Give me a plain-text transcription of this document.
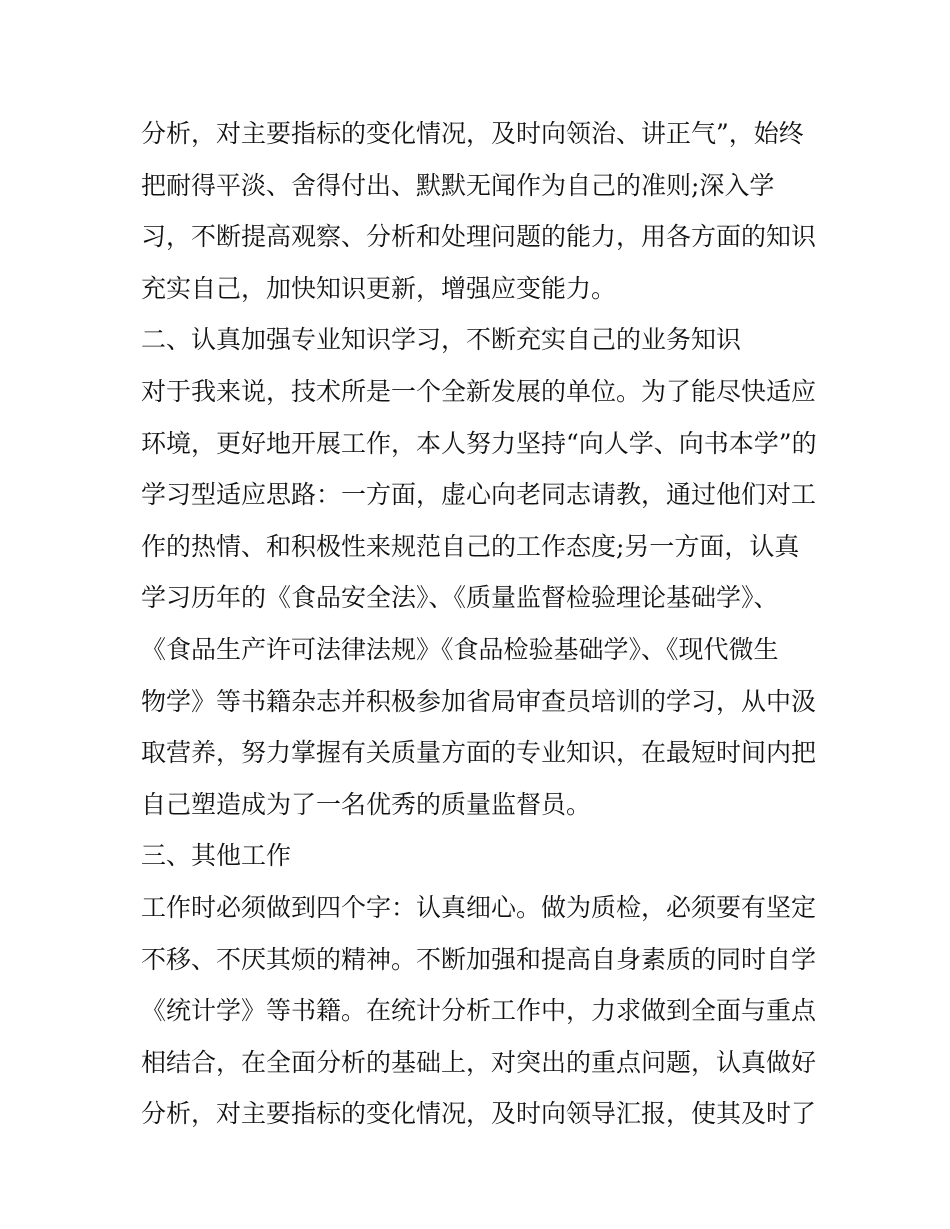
分析，对主要指标的变化情况，及时向领治、讲正气”，始终
把耐得平淡、舍得付出、默默无闻作为自己的准则;深入学
习，不断提高观察、分析和处理问题的能力，用各方面的知识
充实自己，加快知识更新，增强应变能力。
二、认真加强专业知识学习，不断充实自己的业务知识
对于我来说，技术所是一个全新发展的单位。为了能尽快适应
环境，更好地开展工作，本人努力坚持“向人学、向书本学”的
学习型适应思路：一方面，虚心向老同志请教，通过他们对工
作的热情、和积极性来规范自己的工作态度;另一方面，认真
学习历年的《食品安全法》、《质量监督检验理论基础学》、
《食品生产许可法律法规》《食品检验基础学》、《现代微生
物学》等书籍杂志并积极参加省局审查员培训的学习，从中汲
取营养，努力掌握有关质量方面的专业知识，在最短时间内把
自己塑造成为了一名优秀的质量监督员。
三、其他工作
工作时必须做到四个字：认真细心。做为质检，必须要有坚定
不移、不厌其烦的精神。不断加强和提高自身素质的同时自学
《统计学》等书籍。在统计分析工作中，力求做到全面与重点
相结合，在全面分析的基础上，对突出的重点问题，认真做好
分析，对主要指标的变化情况，及时向领导汇报，使其及时了
